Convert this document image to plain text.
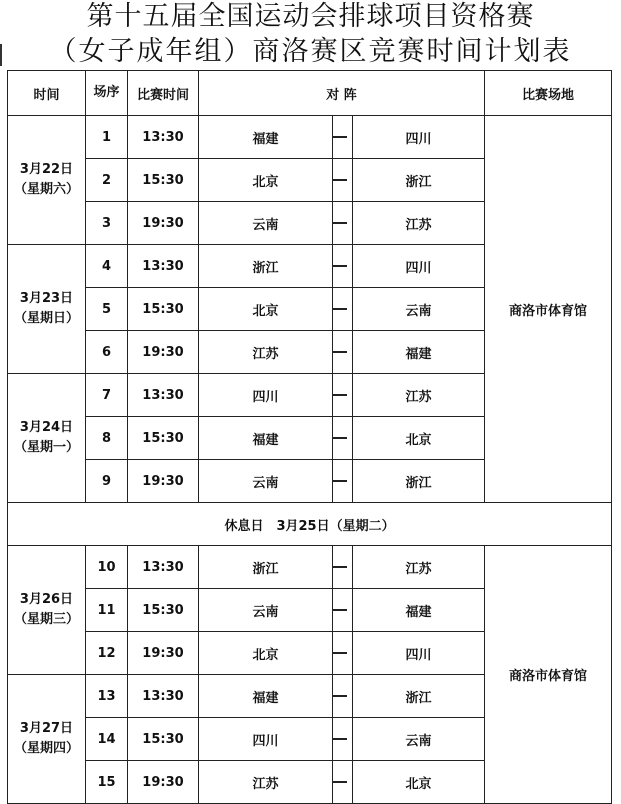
第十五届全国运动会排球项目资格赛
（女子成年组）商洛赛区竞赛时间计划表
时间	场序	比赛时间	对 阵			比赛场地
3月22日
（星期六）	1	13:30	福建		四川	商洛市体育馆
	2	15:30	北京		浙江	
	3	19:30	云南		江苏	
3月23日
（星期日）	4	13:30	浙江		四川	
	5	15:30	北京		云南	
	6	19:30	江苏		福建	
3月24日
（星期一）	7	13:30	四川		江苏	
	8	15:30	福建		北京	
	9	19:30	云南		浙江	
休息日　3月25日（星期二）						
3月26日
（星期三）	10	13:30	浙江		江苏	商洛市体育馆
	11	15:30	云南		福建	
	12	19:30	北京		四川	
3月27日
（星期四）	13	13:30	福建		浙江	
	14	15:30	四川		云南	
	15	19:30	江苏		北京	
